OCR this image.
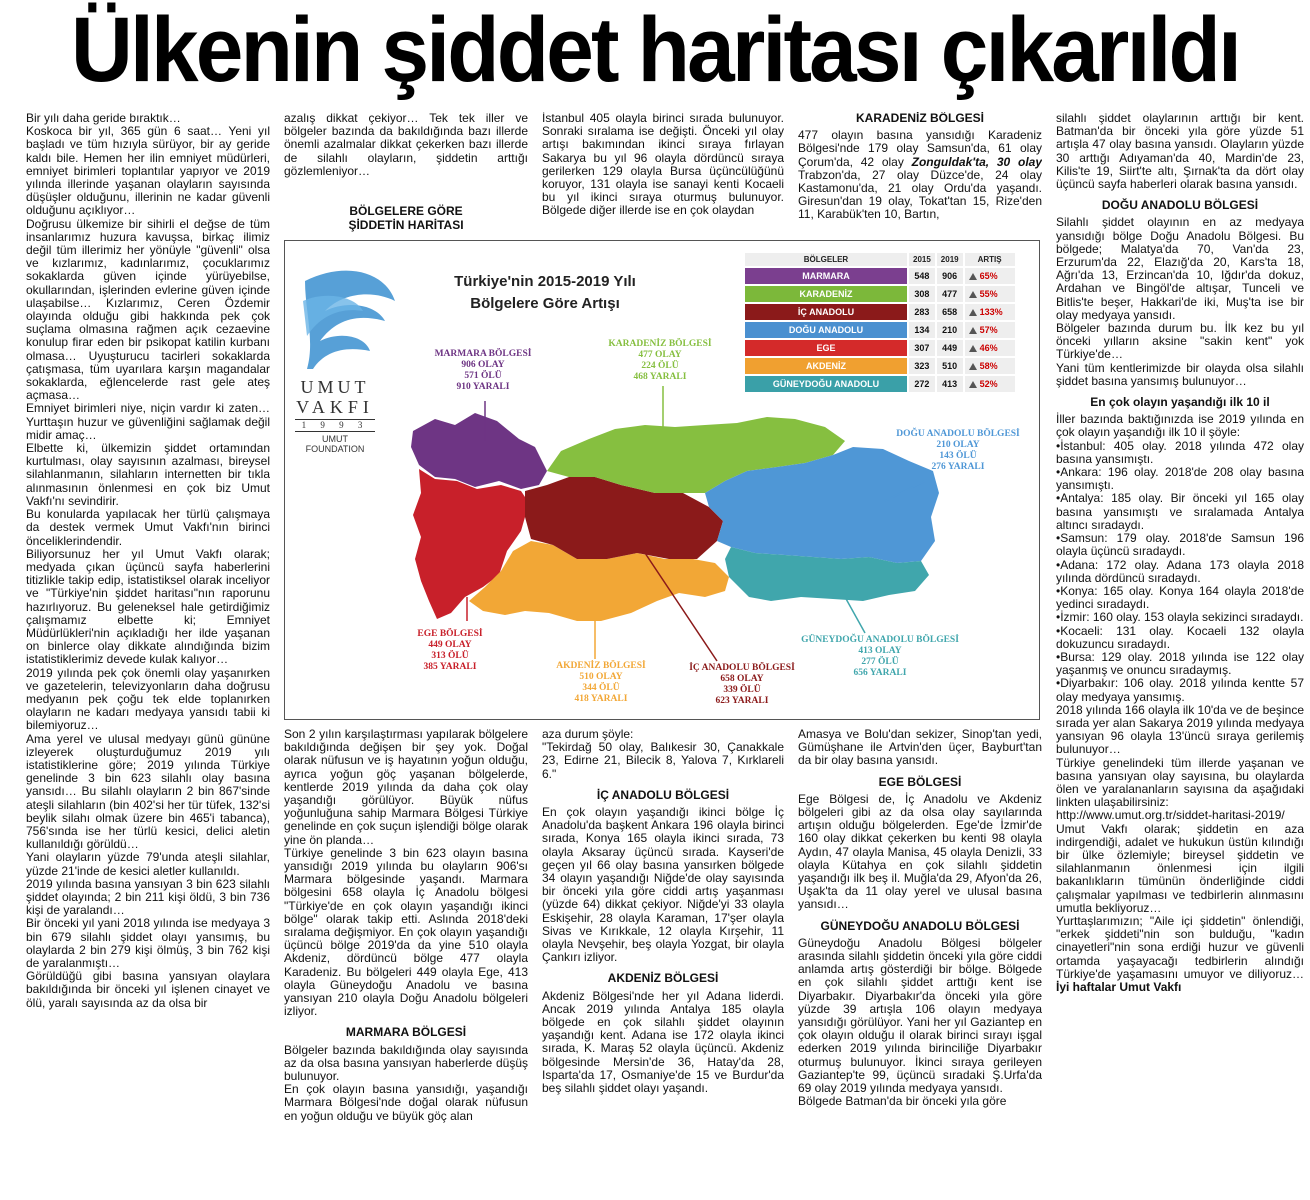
Ülkenin şiddet haritası çıkarıldı

Bir yılı daha geride bıraktık…

Koskoca bir yıl, 365 gün 6 saat… Yeni yıl başladı ve tüm hızıyla sürüyor, bir ay geride kaldı bile. Hemen her ilin emniyet müdürleri, emniyet birimleri toplantılar yapıyor ve 2019 yılında illerinde yaşanan olayların sayısında düşüşler olduğunu, illerinin ne kadar güvenli olduğunu açıklıyor…

Doğrusu ülkemize bir sihirli el değse de tüm insanlarımız huzura kavuşsa, birkaç ilimiz değil tüm illerimiz her yönüyle "güvenli" olsa ve kızlarımız, kadınlarımız, çocuklarımız sokaklarda güven içinde yürüyebilse, okullarından, işlerinden evlerine güven içinde ulaşabilse… Kızlarımız, Ceren Özdemir olayında olduğu gibi hakkında pek çok suçlama olmasına rağmen açık cezaevine konulup firar eden bir psikopat katilin kurbanı olmasa… Uyuşturucu tacirleri sokaklarda çatışmasa, tüm uyarılara karşın magandalar sokaklarda, eğlencelerde rast gele ateş açmasa…

Emniyet birimleri niye, niçin vardır ki zaten… Yurttaşın huzur ve güvenliğini sağlamak değil midir amaç…

Elbette ki, ülkemizin şiddet ortamından kurtulması, olay sayısının azalması, bireysel silahlanmanın, silahların internetten bir tıkla alınmasının önlenmesi en çok biz Umut Vakfı'nı sevindirir.

Bu konularda yapılacak her türlü çalışmaya da destek vermek Umut Vakfı'nın birinci önceliklerindendir.

Biliyorsunuz her yıl Umut Vakfı olarak; medyada çıkan üçüncü sayfa haberlerini titizlikle takip edip, istatistiksel olarak inceliyor ve "Türkiye'nin şiddet haritası"nın raporunu hazırlıyoruz. Bu geleneksel hale getirdiğimiz çalışmamız elbette ki; Emniyet Müdürlükleri'nin açıkladığı her ilde yaşanan on binlerce olay dikkate alındığında bizim istatistiklerimiz devede kulak kalıyor…

2019 yılında pek çok önemli olay yaşanırken ve gazetelerin, televizyonların daha doğrusu medyanın pek çoğu tek elde toplanırken olayların ne kadarı medyaya yansıdı tabii ki bilemiyoruz…

Ama yerel ve ulusal medyayı günü gününe izleyerek oluşturduğumuz 2019 yılı istatistiklerine göre; 2019 yılında Türkiye genelinde 3 bin 623 silahlı olay basına yansıdı… Bu silahlı olayların 2 bin 867'sinde ateşli silahların (bin 402'si her tür tüfek, 132'si beylik silahı olmak üzere bin 465'i tabanca), 756'sında ise her türlü kesici, delici aletin kullanıldığı görüldü…

Yani olayların yüzde 79'unda ateşli silahlar, yüzde 21'inde de kesici aletler kullanıldı.

2019 yılında basına yansıyan 3 bin 623 silahlı şiddet olayında; 2 bin 211 kişi öldü, 3 bin 736 kişi de yaralandı…

Bir önceki yıl yani 2018 yılında ise medyaya 3 bin 679 silahlı şiddet olayı yansımış, bu olaylarda 2 bin 279 kişi ölmüş, 3 bin 762 kişi de yaralanmıştı…

Görüldüğü gibi basına yansıyan olaylara bakıldığında bir önceki yıl işlenen cinayet ve ölü, yaralı sayısında az da olsa bir

azalış dikkat çekiyor… Tek tek iller ve bölgeler bazında da bakıldığında bazı illerde önemli azalmalar dikkat çekerken bazı illerde de silahlı olayların, şiddetin arttığı gözlemleniyor…

BÖLGELERE GÖRE
ŞİDDETİN HARİTASI

İstanbul 405 olayla birinci sırada bulunuyor. Sonraki sıralama ise değişti. Önceki yıl olay artışı bakımından ikinci sıraya fırlayan Sakarya bu yıl 96 olayla dördüncü sıraya gerilerken 129 olayla Bursa üçüncülüğünü koruyor, 131 olayla ise sanayi kenti Kocaeli bu yıl ikinci sıraya oturmuş bulunuyor. Bölgede diğer illerde ise en çok olaydan

KARADENİZ BÖLGESİ

477 olayın basına yansıdığı Karadeniz Bölgesi'nde 179 olay Samsun'da, 61 olay Çorum'da, 42 olay Zonguldak'ta, 30 olay Trabzon'da, 27 olay Düzce'de, 24 olay Kastamonu'da, 21 olay Ordu'da yaşandı. Giresun'dan 19 olay, Tokat'tan 15, Rize'den 11, Karabük'ten 10, Bartın,

UMUT
VAKFI
1 9 9 3
UMUT
FOUNDATION
Türkiye'nin 2015-2019 Yılı
Bölgelere Göre Artışı
BÖLGELER	2015	2019	ARTIŞ
MARMARA	548	906	65%
KARADENİZ	308	477	55%
İÇ ANADOLU	283	658	133%
DOĞU ANADOLU	134	210	57%
EGE	307	449	46%
AKDENİZ	323	510	58%
GÜNEYDOĞU ANADOLU	272	413	52%
MARMARA BÖLGESİ
906 OLAY
571 ÖLÜ
910 YARALI
KARADENİZ BÖLGESİ
477 OLAY
224 ÖLÜ
468 YARALI
DOĞU ANADOLU BÖLGESİ
210 OLAY
143 ÖLÜ
276 YARALI
EGE BÖLGESİ
449 OLAY
313 ÖLÜ
385 YARALI	AKDENİZ BÖLGESİ
510 OLAY
344 ÖLÜ
418 YARALI
İÇ ANADOLU BÖLGESİ
658 OLAY
339 ÖLÜ
623 YARALI
GÜNEYDOĞU ANADOLU BÖLGESİ
413 OLAY
277 ÖLÜ
656 YARALI

Son 2 yılın karşılaştırması yapılarak bölgelere bakıldığında değişen bir şey yok. Doğal olarak nüfusun ve iş hayatının yoğun olduğu, ayrıca yoğun göç yaşanan bölgelerde, kentlerde 2019 yılında da daha çok olay yaşandığı görülüyor. Büyük nüfus yoğunluğuna sahip Marmara Bölgesi Türkiye genelinde en çok suçun işlendiği bölge olarak yine ön planda…

Türkiye genelinde 3 bin 623 olayın basına yansıdığı 2019 yılında bu olayların 906'sı Marmara bölgesinde yaşandı. Marmara bölgesini 658 olayla İç Anadolu bölgesi "Türkiye'de en çok olayın yaşandığı ikinci bölge" olarak takip etti. Aslında 2018'deki sıralama değişmiyor. En çok olayın yaşandığı üçüncü bölge 2019'da da yine 510 olayla Akdeniz, dördüncü bölge 477 olayla Karadeniz. Bu bölgeleri 449 olayla Ege, 413 olayla Güneydoğu Anadolu ve basına yansıyan 210 olayla Doğu Anadolu bölgeleri izliyor.

MARMARA BÖLGESİ

Bölgeler bazında bakıldığında olay sayısında az da olsa basına yansıyan haberlerde düşüş bulunuyor.

En çok olayın basına yansıdığı, yaşandığı Marmara Bölgesi'nde doğal olarak nüfusun en yoğun olduğu ve büyük göç alan

aza durum şöyle:

"Tekirdağ 50 olay, Balıkesir 30, Çanakkale 23, Edirne 21, Bilecik 8, Yalova 7, Kırklareli 6."

İÇ ANADOLU BÖLGESİ

En çok olayın yaşandığı ikinci bölge İç Anadolu'da başkent Ankara 196 olayla birinci sırada, Konya 165 olayla ikinci sırada, 73 olayla Aksaray üçüncü sırada. Kayseri'de geçen yıl 66 olay basına yansırken bölgede 34 olayın yaşandığı Niğde'de olay sayısında bir önceki yıla göre ciddi artış yaşanması (yüzde 64) dikkat çekiyor. Niğde'yi 33 olayla Eskişehir, 28 olayla Karaman, 17'şer olayla Sivas ve Kırıkkale, 12 olayla Kırşehir, 11 olayla Nevşehir, beş olayla Yozgat, bir olayla Çankırı izliyor.

AKDENİZ BÖLGESİ

Akdeniz Bölgesi'nde her yıl Adana liderdi. Ancak 2019 yılında Antalya 185 olayla bölgede en çok silahlı şiddet olayının yaşandığı kent. Adana ise 172 olayla ikinci sırada, K. Maraş 52 olayla üçüncü. Akdeniz bölgesinde Mersin'de 36, Hatay'da 28, Isparta'da 17, Osmaniye'de 15 ve Burdur'da beş silahlı şiddet olayı yaşandı.

Amasya ve Bolu'dan sekizer, Sinop'tan yedi, Gümüşhane ile Artvin'den üçer, Bayburt'tan da bir olay basına yansıdı.

EGE BÖLGESİ

Ege Bölgesi de, İç Anadolu ve Akdeniz bölgeleri gibi az da olsa olay sayılarında artışın olduğu bölgelerden. Ege'de İzmir'de 160 olay dikkat çekerken bu kenti 98 olayla Aydın, 47 olayla Manisa, 45 olayla Denizli, 33 olayla Kütahya en çok silahlı şiddetin yaşandığı ilk beş il. Muğla'da 29, Afyon'da 26, Uşak'ta da 11 olay yerel ve ulusal basına yansıdı…

GÜNEYDOĞU ANADOLU BÖLGESİ

Güneydoğu Anadolu Bölgesi bölgeler arasında silahlı şiddetin önceki yıla göre ciddi anlamda artış gösterdiği bir bölge. Bölgede en çok silahlı şiddet arttığı kent ise Diyarbakır. Diyarbakır'da önceki yıla göre yüzde 39 artışla 106 olayın medyaya yansıdığı görülüyor. Yani her yıl Gaziantep en çok olayın olduğu il olarak birinci sırayı işgal ederken 2019 yılında birinciliğe Diyarbakır oturmuş bulunuyor. İkinci sıraya gerileyen Gaziantep'te 99, üçüncü sıradaki Ş.Urfa'da 69 olay 2019 yılında medyaya yansıdı.

Bölgede Batman'da bir önceki yıla göre

silahlı şiddet olaylarının arttığı bir kent. Batman'da bir önceki yıla göre yüzde 51 artışla 47 olay basına yansıdı. Olayların yüzde 30 arttığı Adıyaman'da 40, Mardin'de 23, Kilis'te 19, Siirt'te altı, Şırnak'ta da dört olay üçüncü sayfa haberleri olarak basına yansıdı.

DOĞU ANADOLU BÖLGESİ

Silahlı şiddet olayının en az medyaya yansıdığı bölge Doğu Anadolu Bölgesi. Bu bölgede; Malatya'da 70, Van'da 23, Erzurum'da 22, Elazığ'da 20, Kars'ta 18, Ağrı'da 13, Erzincan'da 10, Iğdır'da dokuz, Ardahan ve Bingöl'de altışar, Tunceli ve Bitlis'te beşer, Hakkari'de iki, Muş'ta ise bir olay medyaya yansıdı.

Bölgeler bazında durum bu. İlk kez bu yıl önceki yılların aksine "sakin kent" yok Türkiye'de…

Yani tüm kentlerimizde bir olayda olsa silahlı şiddet basına yansımış bulunuyor…

En çok olayın yaşandığı ilk 10 il

İller bazında baktığınızda ise 2019 yılında en çok olayın yaşandığı ilk 10 il şöyle:

•İstanbul: 405 olay. 2018 yılında 472 olay basına yansımıştı.

•Ankara: 196 olay. 2018'de 208 olay basına yansımıştı.

•Antalya: 185 olay. Bir önceki yıl 165 olay basına yansımıştı ve sıralamada Antalya altıncı sıradaydı.

•Samsun: 179 olay. 2018'de Samsun 196 olayla üçüncü sıradaydı.

•Adana: 172 olay. Adana 173 olayla 2018 yılında dördüncü sıradaydı.

•Konya: 165 olay. Konya 164 olayla 2018'de yedinci sıradaydı.

•İzmir: 160 olay. 153 olayla sekizinci sıradaydı.

•Kocaeli: 131 olay. Kocaeli 132 olayla dokuzuncu sıradaydı.

•Bursa: 129 olay. 2018 yılında ise 122 olay yaşanmış ve onuncu sıradaymış.

•Diyarbakır: 106 olay. 2018 yılında kentte 57 olay medyaya yansımış.

2018 yılında 166 olayla ilk 10'da ve de beşince sırada yer alan Sakarya 2019 yılında medyaya yansıyan 96 olayla 13'üncü sıraya gerilemiş bulunuyor…

Türkiye genelindeki tüm illerde yaşanan ve basına yansıyan olay sayısına, bu olaylarda ölen ve yaralananların sayısına da aşağıdaki linkten ulaşabilirsiniz:

http://www.umut.org.tr/siddet-haritasi-2019/

Umut Vakfı olarak; şiddetin en aza indirgendiği, adalet ve hukukun üstün kılındığı bir ülke özlemiyle; bireysel şiddetin ve silahlanmanın önlenmesi için ilgili bakanlıkların tümünün önderliğinde ciddi çalışmalar yapılması ve tedbirlerin alınmasını umutla bekliyoruz…

Yurttaşlarımızın; "Aile içi şiddetin" önlendiği, "erkek şiddeti"nin son bulduğu, "kadın cinayetleri"nin sona erdiği huzur ve güvenli ortamda yaşayacağı tedbirlerin alındığı Türkiye'de yaşamasını umuyor ve diliyoruz… İyi haftalar Umut Vakfı
